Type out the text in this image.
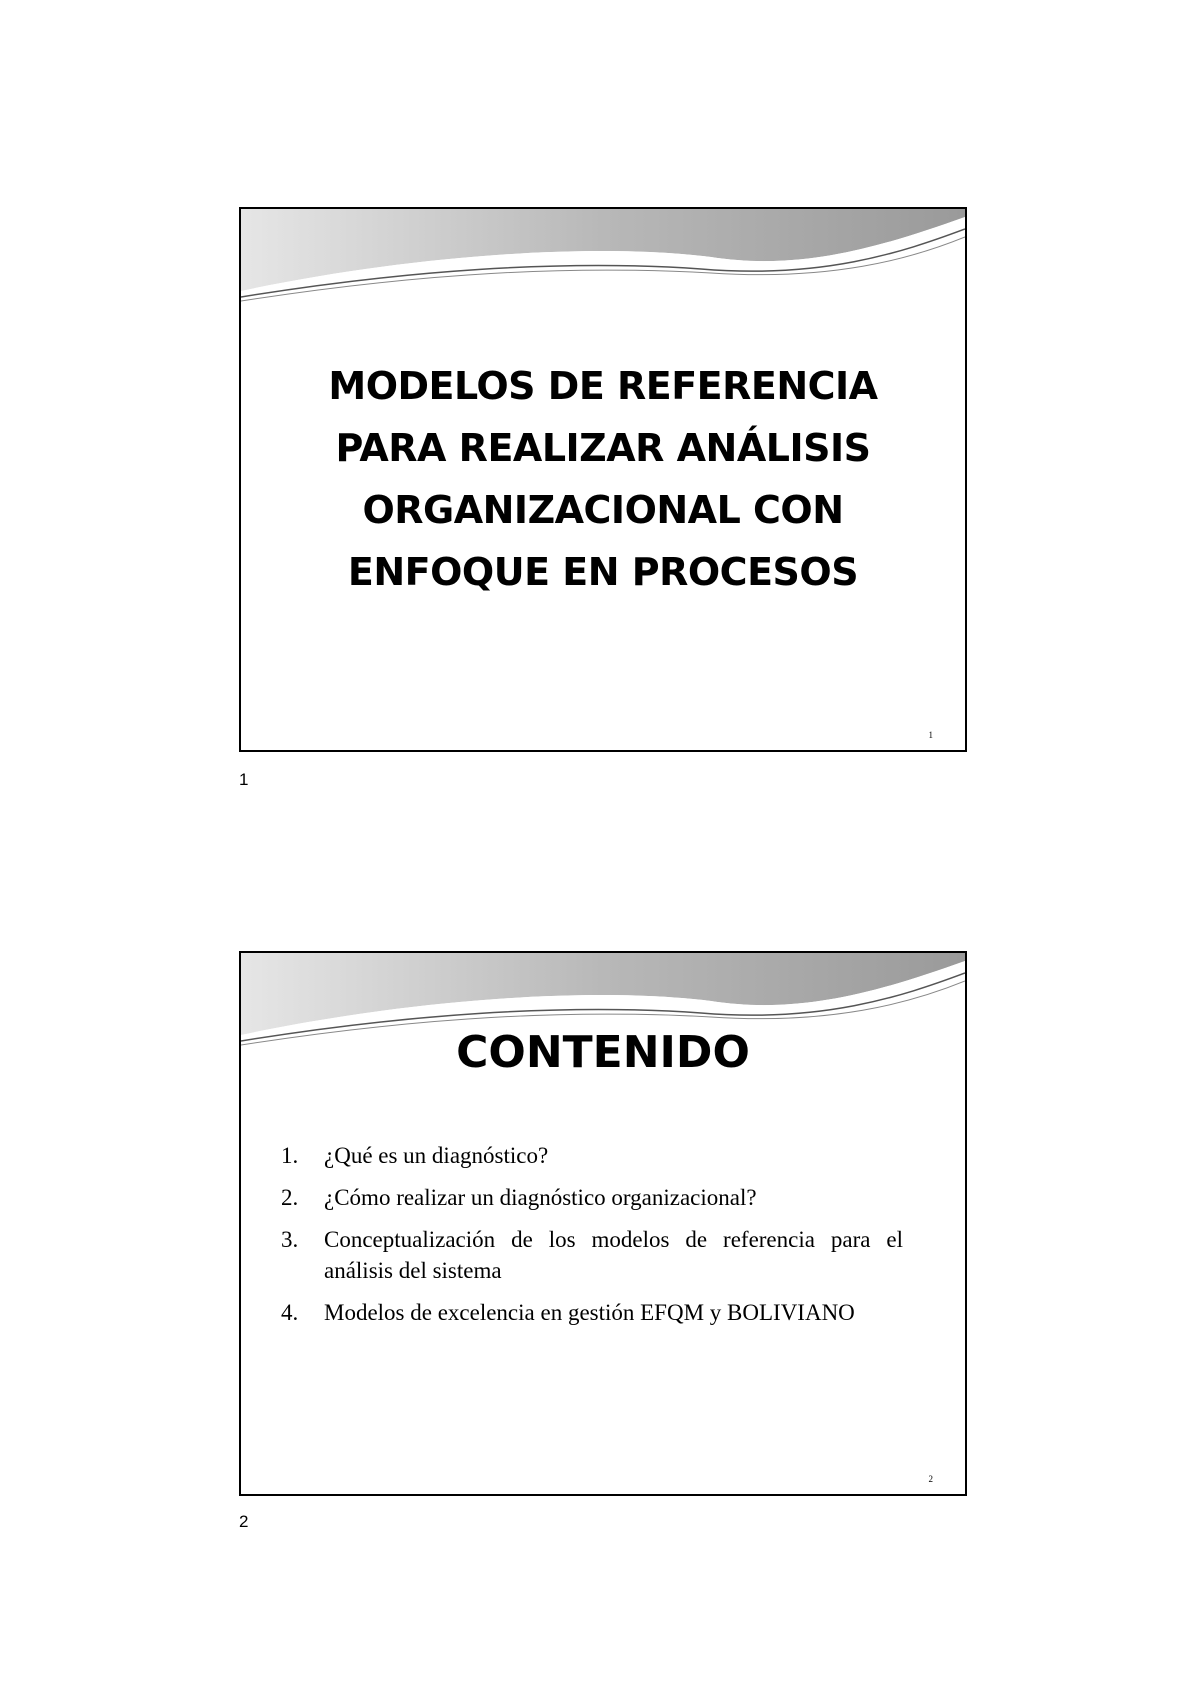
MODELOS DE REFERENCIA
PARA REALIZAR ANÁLISIS
ORGANIZACIONAL CON
ENFOQUE EN PROCESOS
1
1
CONTENIDO
1.	¿Qué es un diagnóstico?
2.	¿Cómo realizar un diagnóstico organizacional?
3.	Conceptualización de los modelos de referencia para el análisis del sistema
4.	Modelos de excelencia en gestión EFQM y BOLIVIANO
2
2
